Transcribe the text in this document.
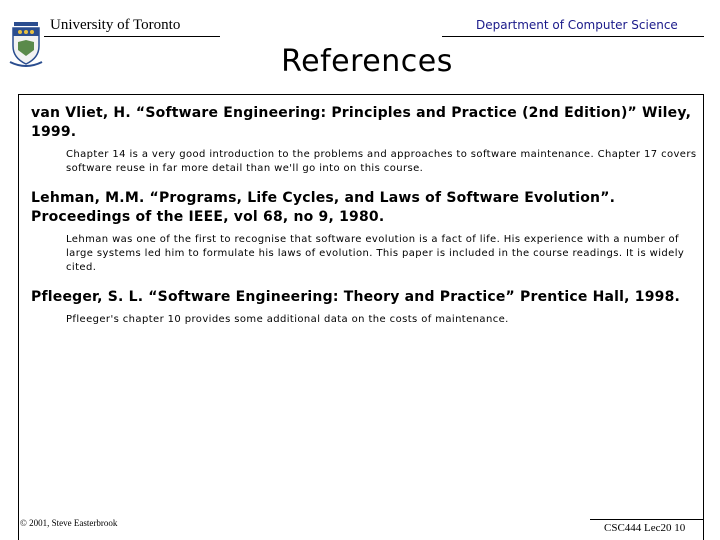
University of Toronto	Department of Computer Science
References

van Vliet, H. “Software Engineering: Principles and Practice (2nd Edition)” Wiley, 1999.

Chapter 14 is a very good introduction to the problems and approaches to software maintenance. Chapter 17 covers software reuse in far more detail than we'll go into on this course.

Lehman, M.M. “Programs, Life Cycles, and Laws of Software Evolution”. Proceedings of the IEEE, vol 68, no 9, 1980.

Lehman was one of the first to recognise that software evolution is a fact of life. His experience with a number of large systems led him to formulate his laws of evolution. This paper is included in the course readings. It is widely cited.

Pfleeger, S. L. “Software Engineering: Theory and Practice” Prentice Hall, 1998.

Pfleeger's chapter 10 provides some additional data on the costs of maintenance.

© 2001, Steve Easterbrook	CSC444 Lec20 10
